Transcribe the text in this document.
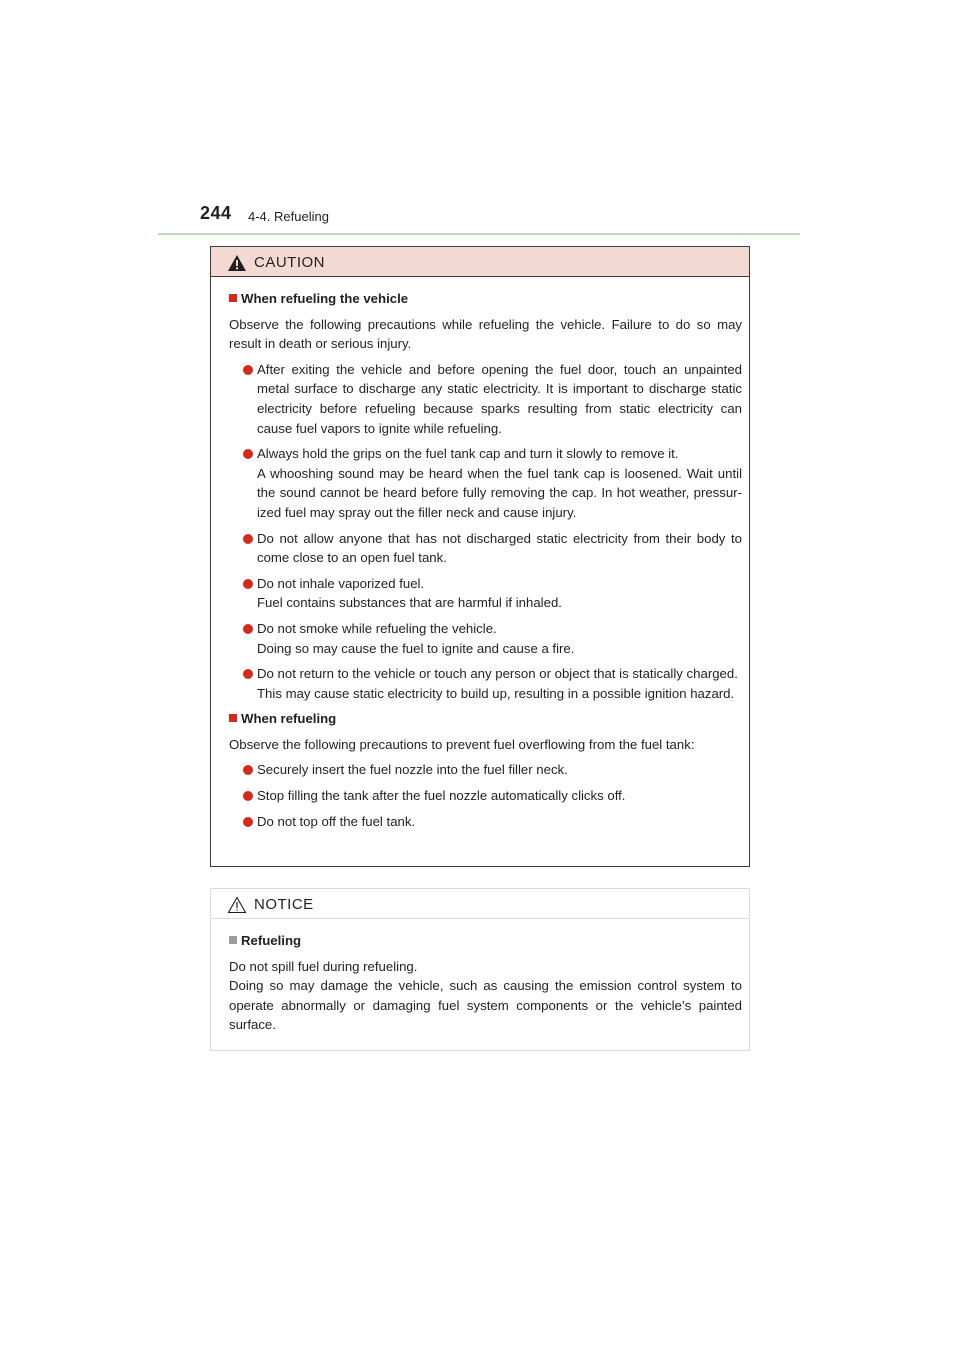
244 4-4. Refueling
CAUTION
When refueling the vehicle
Observe the following precautions while refueling the vehicle. Failure to do so may result in death or serious injury.

After exiting the vehicle and before opening the fuel door, touch an unpainted metal surface to discharge any static electricity. It is important to discharge static electricity before refueling because sparks resulting from static electricity can cause fuel vapors to ignite while refueling.

Always hold the grips on the fuel tank cap and turn it slowly to remove it.
A whooshing sound may be heard when the fuel tank cap is loosened. Wait until the sound cannot be heard before fully removing the cap. In hot weather, pressur-ized fuel may spray out the filler neck and cause injury.

Do not allow anyone that has not discharged static electricity from their body to come close to an open fuel tank.

Do not inhale vaporized fuel.
Fuel contains substances that are harmful if inhaled.

Do not smoke while refueling the vehicle.
Doing so may cause the fuel to ignite and cause a fire.

Do not return to the vehicle or touch any person or object that is statically charged.
This may cause static electricity to build up, resulting in a possible ignition hazard.

When refueling
Observe the following precautions to prevent fuel overflowing from the fuel tank:

Securely insert the fuel nozzle into the fuel filler neck.

Stop filling the tank after the fuel nozzle automatically clicks off.

Do not top off the fuel tank.

NOTICE
Refueling
Do not spill fuel during refueling.
Doing so may damage the vehicle, such as causing the emission control system to operate abnormally or damaging fuel system components or the vehicle’s painted surface.
